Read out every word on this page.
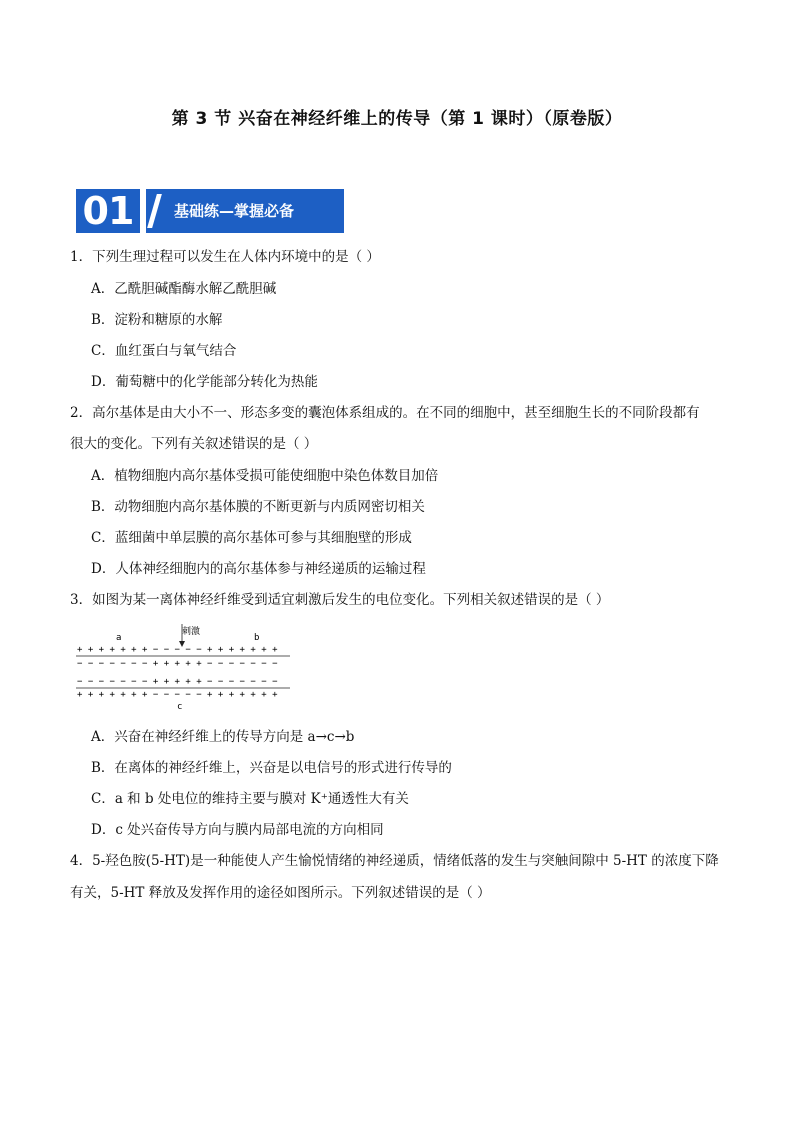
第 3 节 兴奋在神经纤维上的传导（第 1 课时）（原卷版）
01	基础练—掌握必备
1．下列生理过程可以发生在人体内环境中的是（ ）
A．乙酰胆碱酯酶水解乙酰胆碱
B．淀粉和糖原的水解
C．血红蛋白与氧气结合
D．葡萄糖中的化学能部分转化为热能
2．高尔基体是由大小不一、形态多变的囊泡体系组成的。在不同的细胞中，甚至细胞生长的不同阶段都有
很大的变化。下列有关叙述错误的是（ ）
A．植物细胞内高尔基体受损可能使细胞中染色体数目加倍
B．动物细胞内高尔基体膜的不断更新与内质网密切相关
C．蓝细菌中单层膜的高尔基体可参与其细胞壁的形成
D．人体神经细胞内的高尔基体参与神经递质的运输过程
3．如图为某一离体神经纤维受到适宜刺激后发生的电位变化。下列相关叙述错误的是（ ）
a
刺激
b
+ + + + + + + − − − − − + + + + + + +
− − − − − − − + + + + + − − − − − − −
− − − − − − − + + + + + − − − − − − −
+ + + + + + + − − − − − + + + + + + +
c
A．兴奋在神经纤维上的传导方向是 a→c→b
B．在离体的神经纤维上，兴奋是以电信号的形式进行传导的
C．a 和 b 处电位的维持主要与膜对 K⁺通透性大有关
D．c 处兴奋传导方向与膜内局部电流的方向相同
4．5-羟色胺(5-HT)是一种能使人产生愉悦情绪的神经递质，情绪低落的发生与突触间隙中 5-HT 的浓度下降
有关，5-HT 释放及发挥作用的途径如图所示。下列叙述错误的是（ ）
